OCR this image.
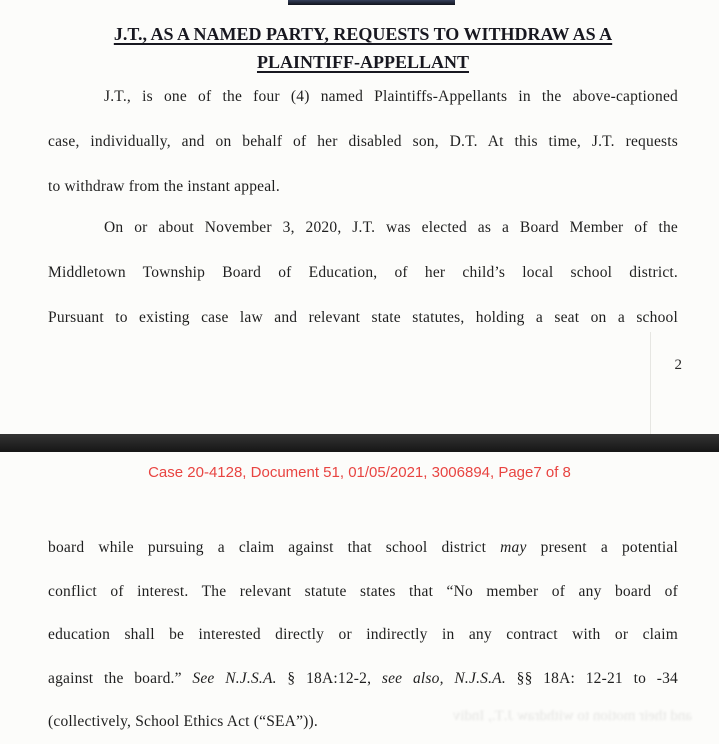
J.T., AS A NAMED PARTY, REQUESTS TO WITHDRAW AS A
PLAINTIFF-APPELLANT
J.T., is one of the four (4) named Plaintiffs-Appellants in the above-captioned
case, individually, and on behalf of her disabled son, D.T. At this time, J.T. requests
to withdraw from the instant appeal.
On or about November 3, 2020, J.T. was elected as a Board Member of the
Middletown Township Board of Education, of her child’s local school district.
Pursuant to existing case law and relevant state statutes, holding a seat on a school
2
Case 20-4128, Document 51, 01/05/2021, 3006894, Page7 of 8
board while pursuing a claim against that school district may present a potential
conflict of interest. The relevant statute states that “No member of any board of
education shall be interested directly or indirectly in any contract with or claim
against the board.” See N.J.S.A. § 18A:12-2, see also, N.J.S.A. §§ 18A: 12-21 to -34
(collectively, School Ethics Act (“SEA”)).	and their motion to withdraw J.T., Indiv
